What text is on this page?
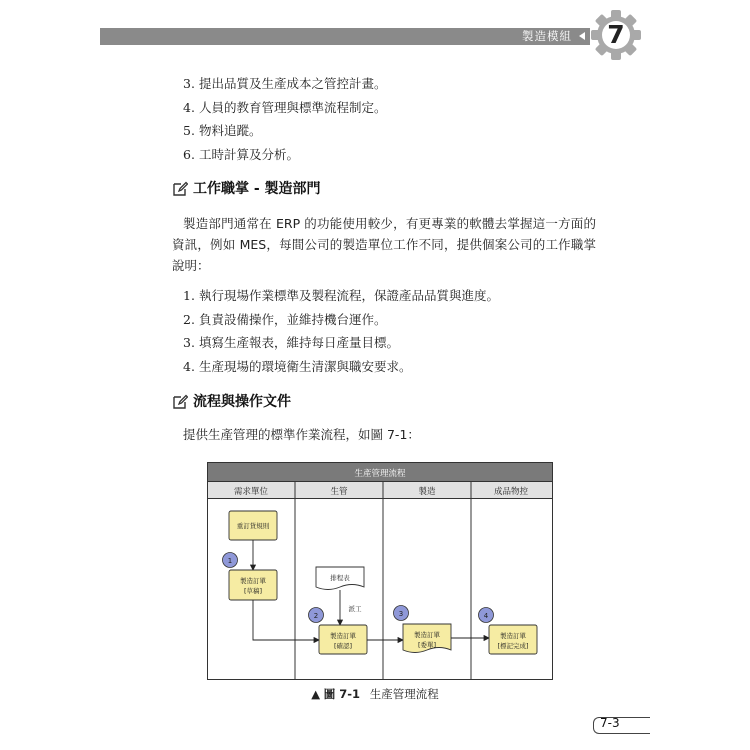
製造模組	7
3. 提出品質及生產成本之管控計畫。
4. 人員的教育管理與標準流程制定。
5. 物料追蹤。
6. 工時計算及分析。
工作職掌 - 製造部門

製造部門通常在 ERP 的功能使用較少，有更專業的軟體去掌握這一方面的資訊，例如 MES，每間公司的製造單位工作不同，提供個案公司的工作職掌說明：

1. 執行現場作業標準及製程流程，保證產品品質與進度。
2. 負責設備操作，並維持機台運作。
3. 填寫生產報表，維持每日產量目標。
4. 生產現場的環境衛生清潔與職安要求。
流程與操作文件
提供生產管理的標準作業流程，如圖 7-1：
生產管理流程
需求單位	生管	製造	成品物控
重訂貨規則
1
製造訂單
[草稿]
排程表
派工
2
製造訂單
[確認]
3
製造訂單
[委單]
4
製造訂單
[標記完成]
▲ 圖 7-1 生產管理流程
7-3
